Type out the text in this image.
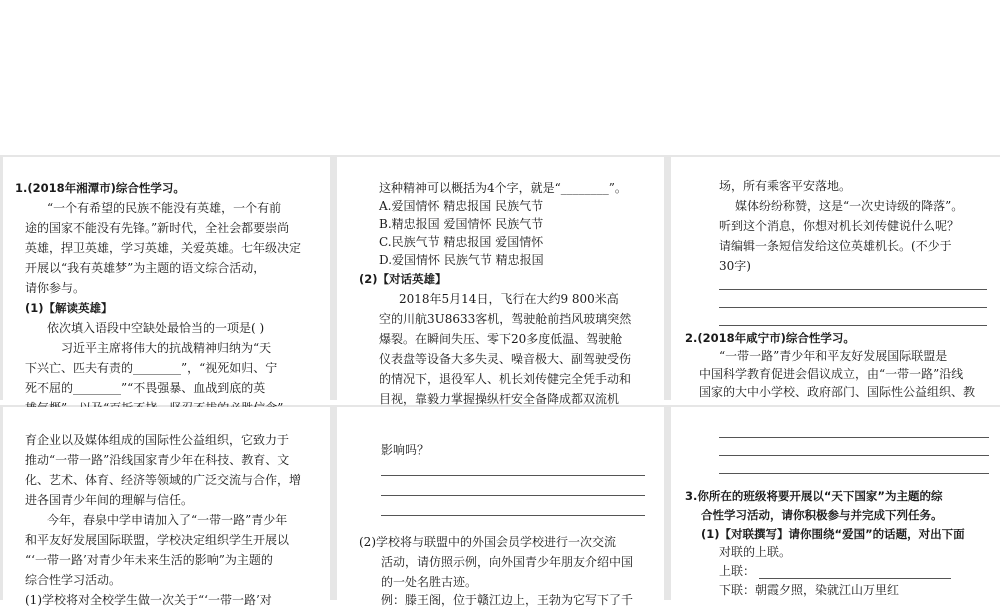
1.(2018年湘潭市)综合性学习。
“一个有希望的民族不能没有英雄，一个有前
途的国家不能没有先锋。”新时代，全社会都要崇尚
英雄，捍卫英雄，学习英雄，关爱英雄。七年级决定
开展以“我有英雄梦”为主题的语文综合活动，
请你参与。
(1)【解读英雄】
依次填入语段中空缺处最恰当的一项是( )
习近平主席将伟大的抗战精神归纳为“天
下兴亡、匹夫有责的________”，“视死如归、宁
死不屈的________”“不畏强暴、血战到底的英
这种精神可以概括为4个字，就是“________”。
A.爱国情怀 精忠报国 民族气节
B.精忠报国 爱国情怀 民族气节
C.民族气节 精忠报国 爱国情怀
D.爱国情怀 民族气节 精忠报国
(2)【对话英雄】
2018年5月14日，飞行在大约9 800米高
空的川航3U8633客机，驾驶舱前挡风玻璃突然
爆裂。在瞬间失压、零下20多度低温、驾驶舱
仪表盘等设备大多失灵、噪音极大、副驾驶受伤
的情况下，退役军人、机长刘传健完全凭手动和
目视，靠毅力掌握操纵杆安全备降成都双流机
场，所有乘客平安落地。
媒体纷纷称赞，这是“一次史诗级的降落”。
听到这个消息，你想对机长刘传健说什么呢？
请编辑一条短信发给这位英雄机长。(不少于
30字)
2.(2018年咸宁市)综合性学习。
“一带一路”青少年和平友好发展国际联盟是
中国科学教育促进会倡议成立，由“一带一路”沿线
国家的大中小学校、政府部门、国际性公益组织、教
育企业以及媒体组成的国际性公益组织，它致力于
推动“一带一路”沿线国家青少年在科技、教育、文
化、艺术、体育、经济等领域的广泛交流与合作，增
进各国青少年间的理解与信任。
今年，春泉中学申请加入了“一带一路”青少年
和平友好发展国际联盟，学校决定组织学生开展以
“‘一带一路’对青少年未来生活的影响”为主题的
综合性学习活动。
(1)学校将对全校学生做一次关于“‘一带一路’对
影响吗？
(2)学校将与联盟中的外国会员学校进行一次交流
活动，请仿照示例，向外国青少年朋友介绍中国
的一处名胜古迹。
例：滕王阁，位于赣江边上，王勃为它写下了千
3.你所在的班级将要开展以“天下国家”为主题的综
合性学习活动，请你积极参与并完成下列任务。
(1)【对联撰写】请你围绕“爱国”的话题，对出下面
对联的上联。
上联：
下联：朝霞夕照，染就江山万里红
